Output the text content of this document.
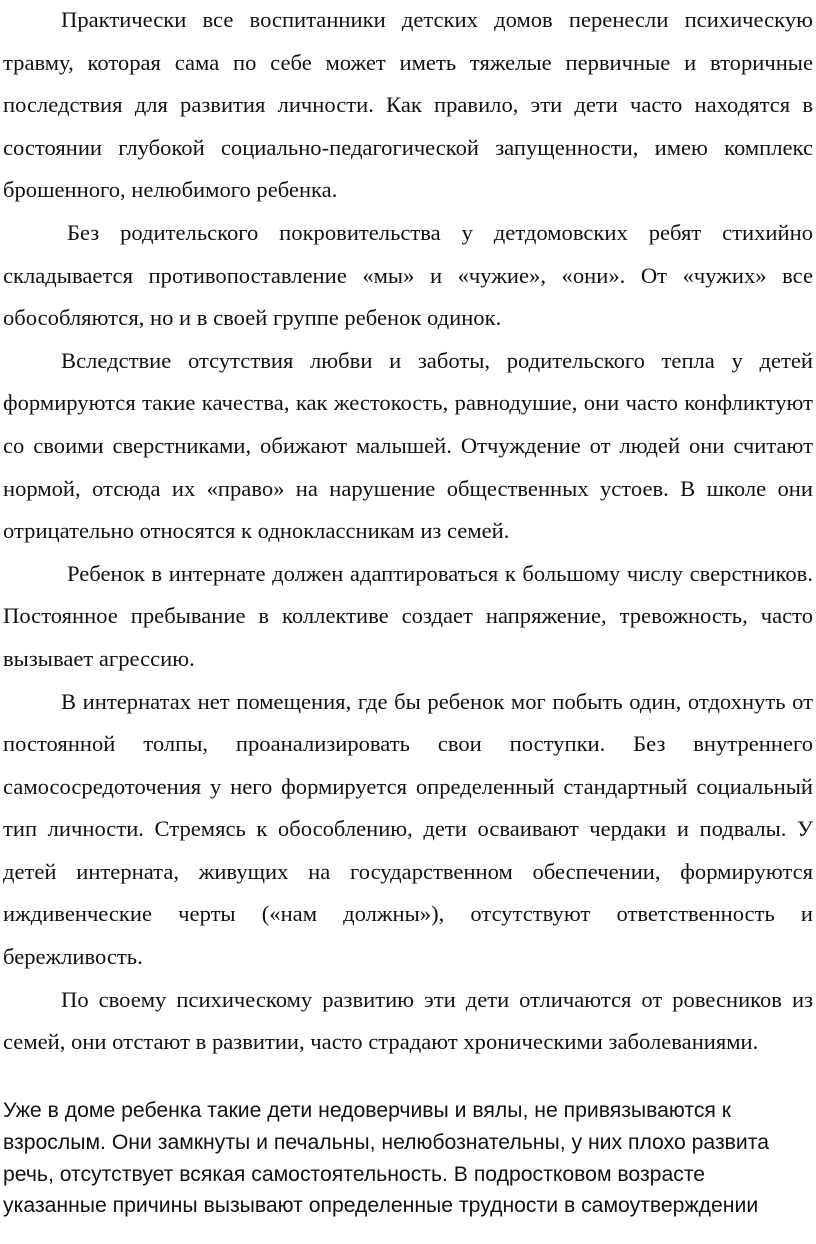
Практически все воспитанники детских домов перенесли психическую травму, которая сама по себе может иметь тяжелые первичные и вторичные последствия для развития личности. Как правило, эти дети часто находятся в состоянии глубокой социально-педагогической запущенности, имею комплекс брошенного, нелюбимого ребенка.

Без родительского покровительства у детдомовских ребят стихийно складывается противопоставление «мы» и «чужие», «они». От «чужих» все обособляются, но и в своей группе ребенок одинок.

Вследствие отсутствия любви и заботы, родительского тепла у детей формируются такие качества, как жестокость, равнодушие, они часто конфликтуют со своими сверстниками, обижают малышей. Отчуждение от людей они считают нормой, отсюда их «право» на нарушение общественных устоев. В школе они отрицательно относятся к одноклассникам из семей.

Ребенок в интернате должен адаптироваться к большому числу сверстников. Постоянное пребывание в коллективе создает напряжение, тревожность, часто вызывает агрессию.

В интернатах нет помещения, где бы ребенок мог побыть один, отдохнуть от постоянной толпы, проанализировать свои поступки. Без внутреннего самососредоточения у него формируется определенный стандартный социальный тип личности. Стремясь к обособлению, дети осваивают чердаки и подвалы. У детей интерната, живущих на государственном обеспечении, формируются иждивенческие черты («нам должны»), отсутствуют ответственность и бережливость.

По своему психическому развитию эти дети отличаются от ровесников из семей, они отстают в развитии, часто страдают хроническими заболеваниями.

Уже в доме ребенка такие дети недоверчивы и вялы, не привязываются к взрослым. Они замкнуты и печальны, нелюбознательны, у них плохо развита речь, отсутствует всякая самостоятельность. В подростковом возрасте указанные причины вызывают определенные трудности в самоутверждении
